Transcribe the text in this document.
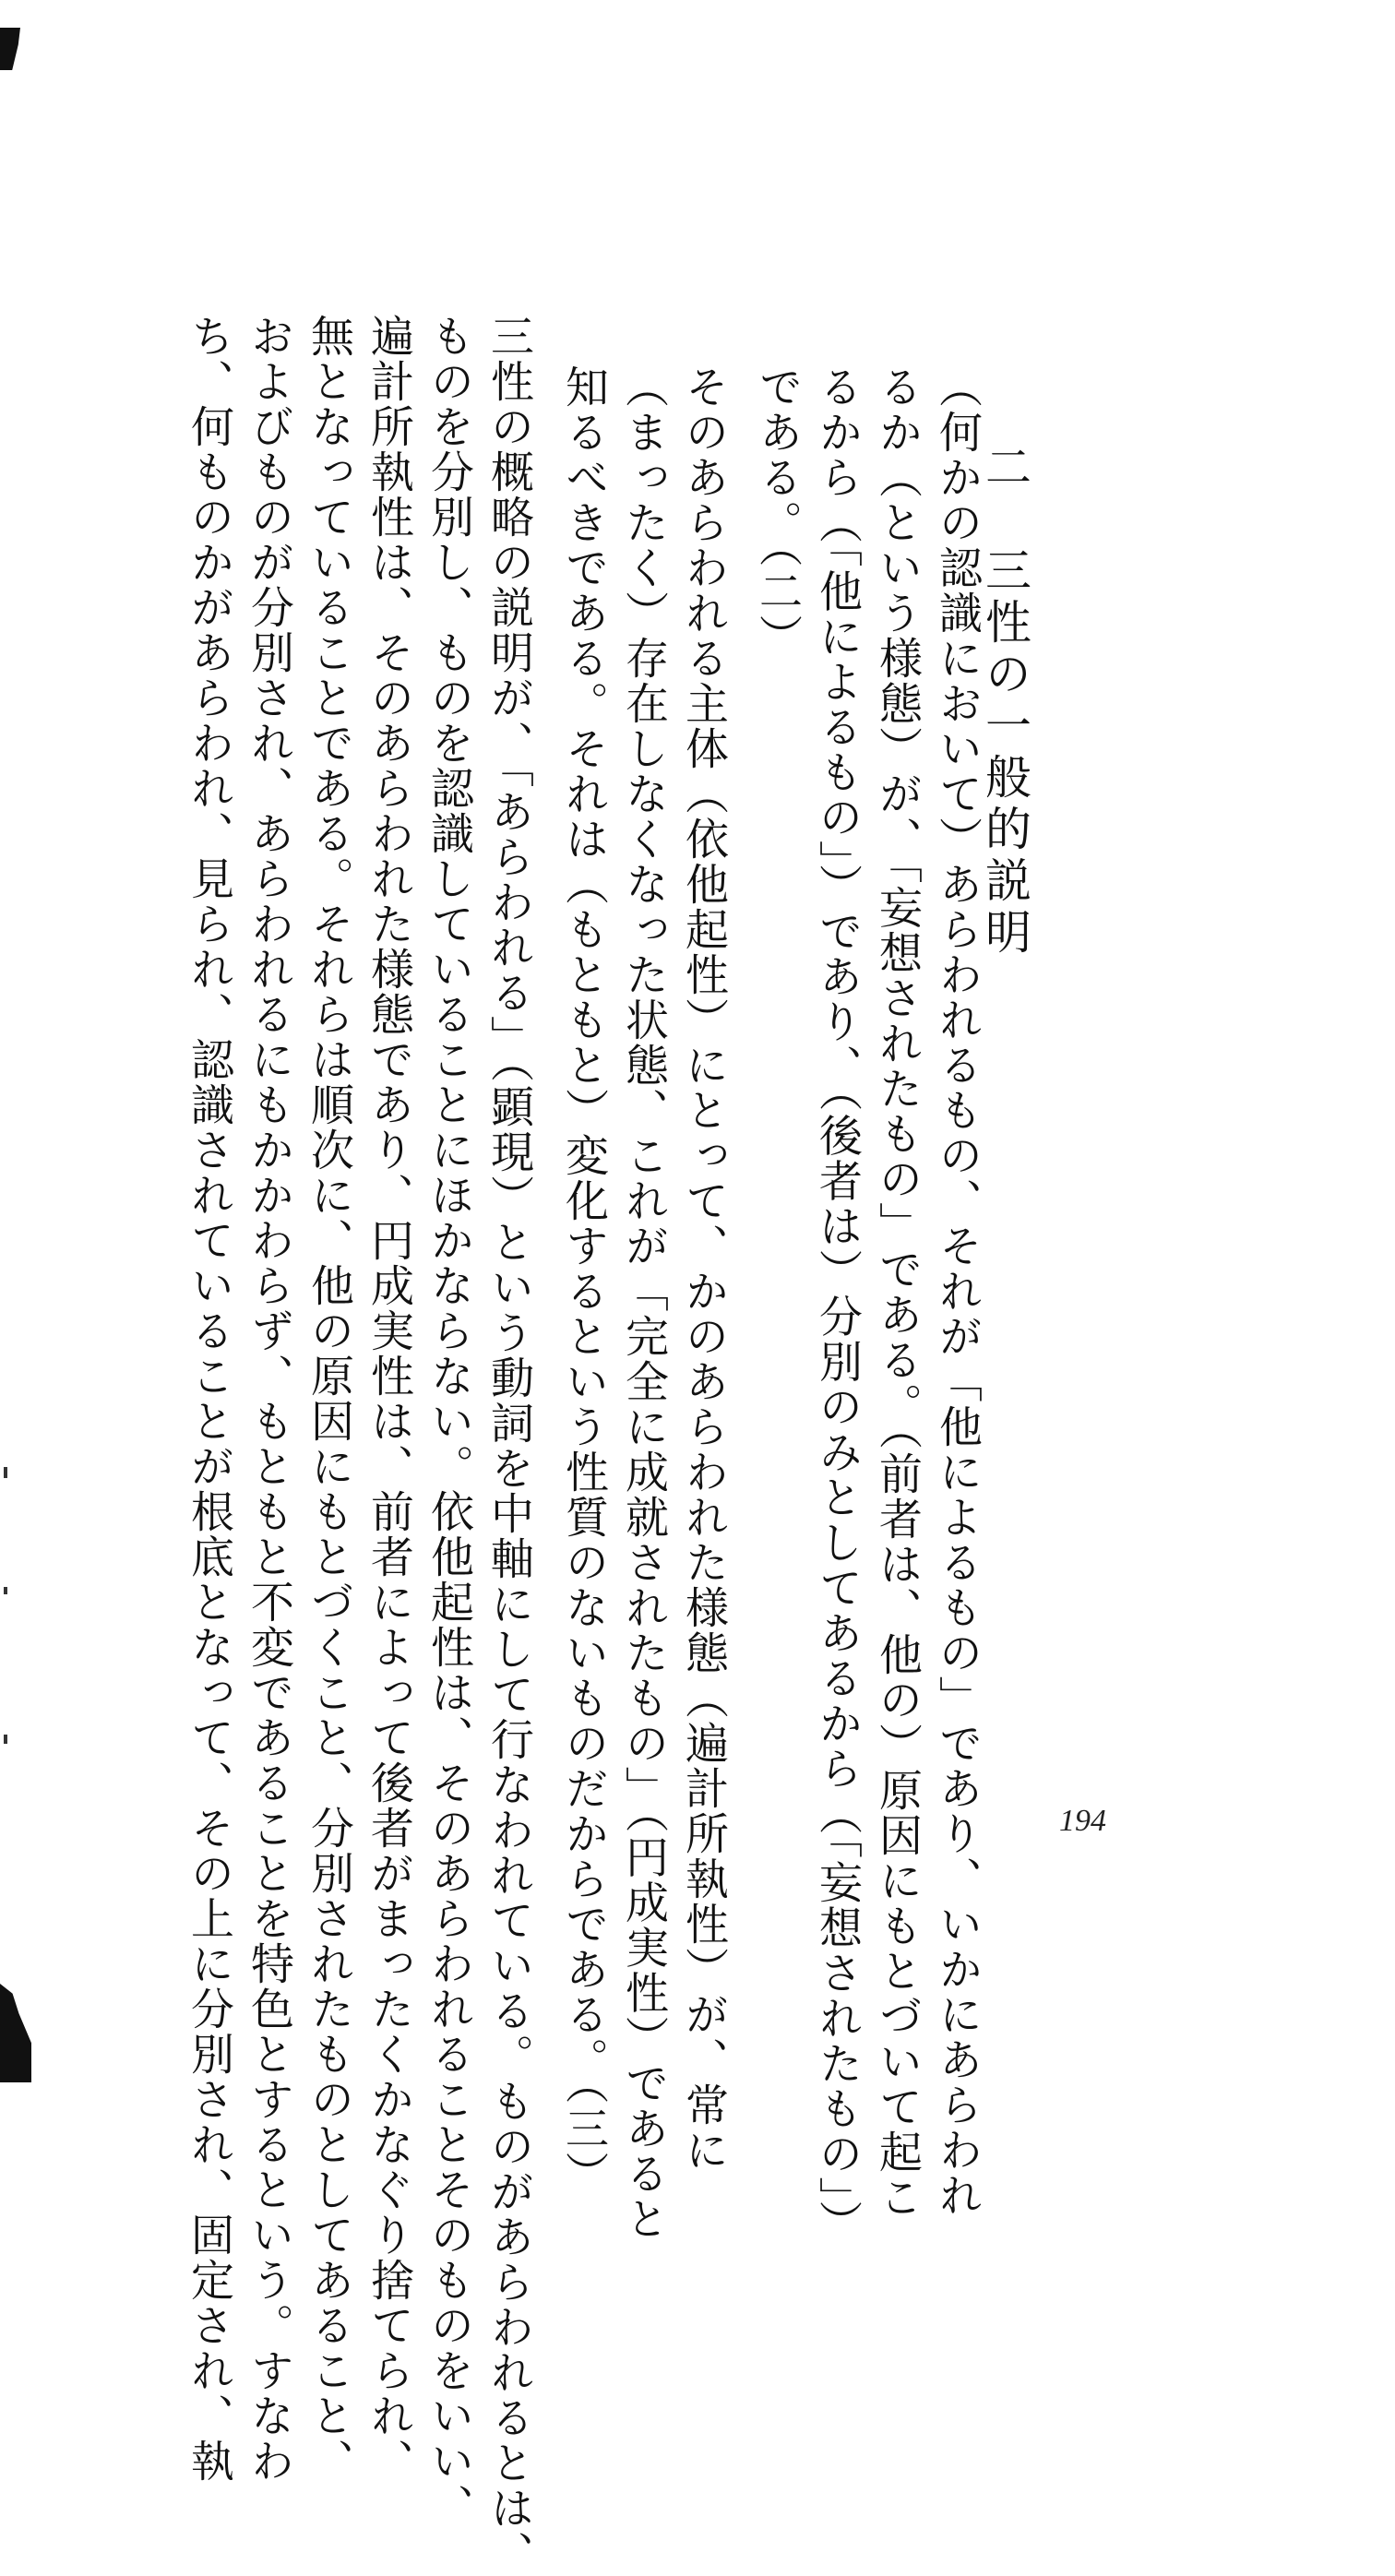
二　三性の一般的説明
（何かの認識において）あらわれるもの、それが「他によるもの」であり、いかにあらわれ
るか（という様態）が、「妄想されたもの」である。（前者は、他の）原因にもとづいて起こ
るから（「他によるもの」）であり、（後者は）分別のみとしてあるから（「妄想されたもの」）
である。（二）
そのあらわれる主体（依他起性）にとって、かのあらわれた様態（遍計所執性）が、常に
（まったく）存在しなくなった状態、これが「完全に成就されたもの」（円成実性）であると
知るべきである。それは（もともと）変化するという性質のないものだからである。（三）
三性の概略の説明が、「あらわれる」（顕現）という動詞を中軸にして行なわれている。ものがあらわれるとは、
ものを分別し、ものを認識していることにほかならない。依他起性は、そのあらわれることそのものをいい、
遍計所執性は、そのあらわれた様態であり、円成実性は、前者によって後者がまったくかなぐり捨てられ、
無となっていることである。それらは順次に、他の原因にもとづくこと、分別されたものとしてあること、
およびものが分別され、あらわれるにもかかわらず、もともと不変であることを特色とするという。すなわ
ち、何ものかがあらわれ、見られ、認識されていることが根底となって、その上に分別され、固定され、執	194
